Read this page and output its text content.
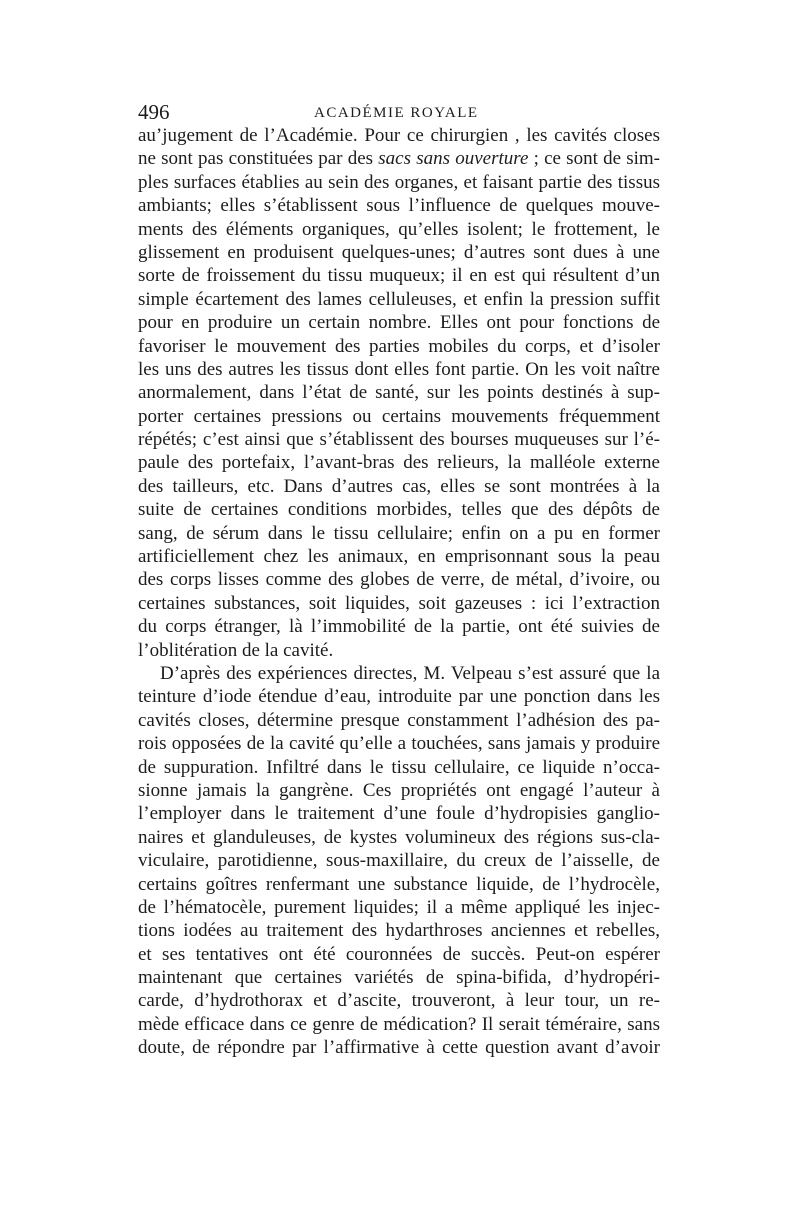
496	ACADÉMIE ROYALE
au’jugement de l’Académie. Pour ce chirurgien , les cavités closes
ne sont pas constituées par des sacs sans ouverture ; ce sont de sim-
ples surfaces établies au sein des organes, et faisant partie des tissus
ambiants; elles s’établissent sous l’influence de quelques mouve-
ments des éléments organiques, qu’elles isolent; le frottement, le
glissement en produisent quelques-unes; d’autres sont dues à une
sorte de froissement du tissu muqueux; il en est qui résultent d’un
simple écartement des lames celluleuses, et enfin la pression suffit
pour en produire un certain nombre. Elles ont pour fonctions de
favoriser le mouvement des parties mobiles du corps, et d’isoler
les uns des autres les tissus dont elles font partie. On les voit naître
anormalement, dans l’état de santé, sur les points destinés à sup-
porter certaines pressions ou certains mouvements fréquemment
répétés; c’est ainsi que s’établissent des bourses muqueuses sur l’é-
paule des portefaix, l’avant-bras des relieurs, la malléole externe
des tailleurs, etc. Dans d’autres cas, elles se sont montrées à la
suite de certaines conditions morbides, telles que des dépôts de
sang, de sérum dans le tissu cellulaire; enfin on a pu en former
artificiellement chez les animaux, en emprisonnant sous la peau
des corps lisses comme des globes de verre, de métal, d’ivoire, ou
certaines substances, soit liquides, soit gazeuses : ici l’extraction
du corps étranger, là l’immobilité de la partie, ont été suivies de
l’oblitération de la cavité.
D’après des expériences directes, M. Velpeau s’est assuré que la
teinture d’iode étendue d’eau, introduite par une ponction dans les
cavités closes, détermine presque constamment l’adhésion des pa-
rois opposées de la cavité qu’elle a touchées, sans jamais y produire
de suppuration. Infiltré dans le tissu cellulaire, ce liquide n’occa-
sionne jamais la gangrène. Ces propriétés ont engagé l’auteur à
l’employer dans le traitement d’une foule d’hydropisies ganglio-
naires et glanduleuses, de kystes volumineux des régions sus-cla-
viculaire, parotidienne, sous-maxillaire, du creux de l’aisselle, de
certains goîtres renfermant une substance liquide, de l’hydrocèle,
de l’hématocèle, purement liquides; il a même appliqué les injec-
tions iodées au traitement des hydarthroses anciennes et rebelles,
et ses tentatives ont été couronnées de succès. Peut-on espérer
maintenant que certaines variétés de spina-bifida, d’hydropéri-
carde, d’hydrothorax et d’ascite, trouveront, à leur tour, un re-
mède efficace dans ce genre de médication? Il serait téméraire, sans
doute, de répondre par l’affirmative à cette question avant d’avoir
